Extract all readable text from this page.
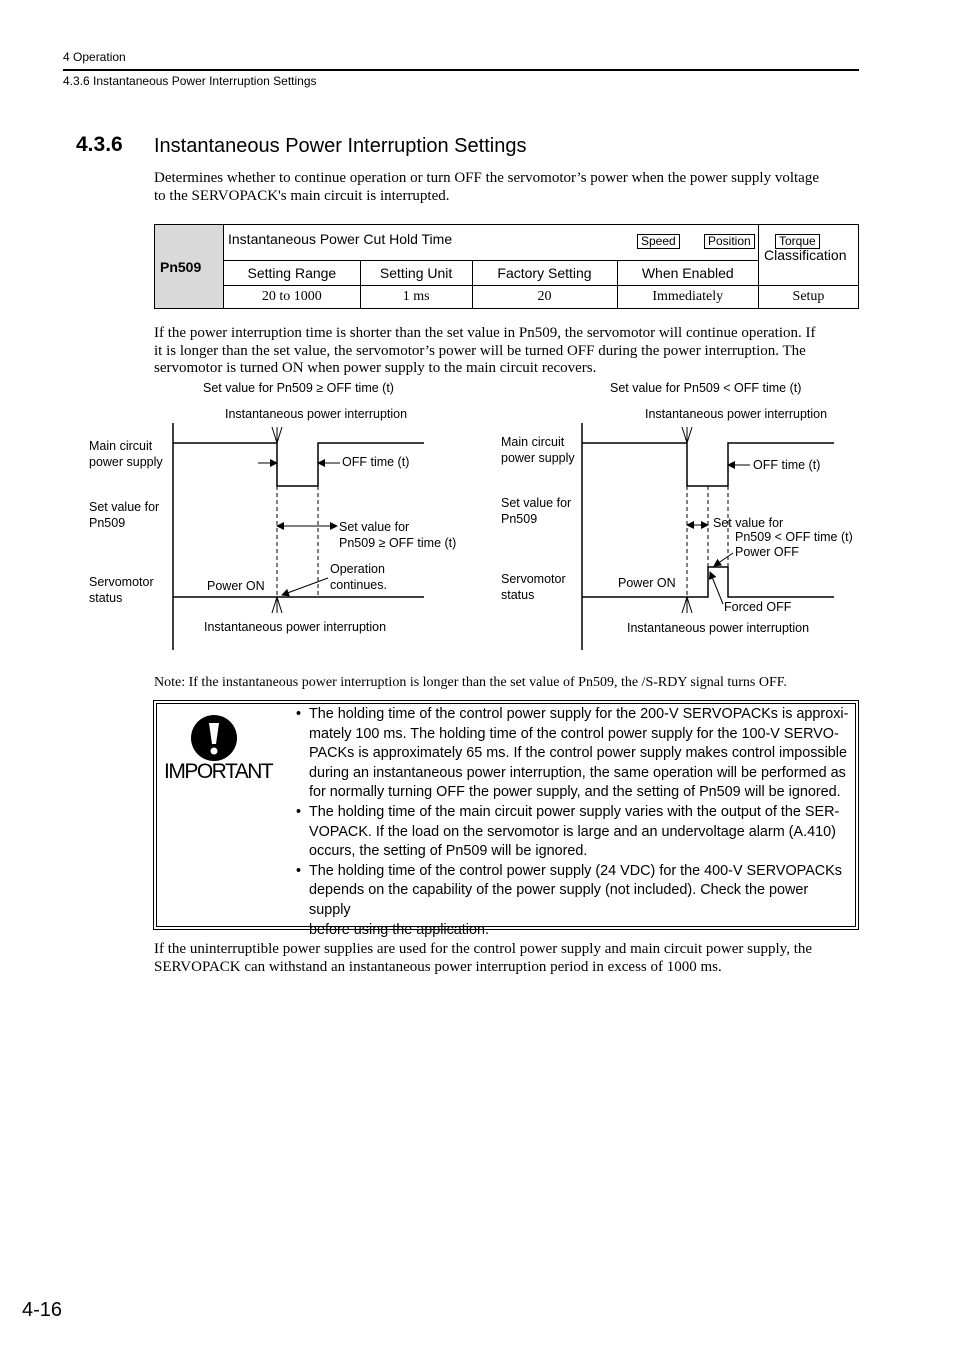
4 Operation
4.3.6 Instantaneous Power Interruption Settings
4.3.6 Instantaneous Power Interruption Settings
Determines whether to continue operation or turn OFF the servomotor’s power when the power supply voltage
to the SERVOPACK's main circuit is interrupted.
Pn509	Instantaneous Power Cut Hold Time Speed Position Torque				Classification
	Setting Range	Setting Unit	Factory Setting	When Enabled	
	20 to 1000	1 ms	20	Immediately	Setup
If the power interruption time is shorter than the set value in Pn509, the servomotor will continue operation. If
it is longer than the set value, the servomotor’s power will be turned OFF during the power interruption. The
servomotor is turned ON when power supply to the main circuit recovers.
Set value for Pn509 ≥ OFF time (t)
Instantaneous power interruption
Main circuit
power supply	OFF time (t)
Set value for
Pn509	Set value for
Pn509 ≥ OFF time (t)
Operation
continues.
Servomotor
status
Power ON
Instantaneous power interruption
Set value for Pn509 < OFF time (t)
Instantaneous power interruption
Main circuit
power supply
OFF time (t)
Set value for
Pn509	Set value for
Pn509 < OFF time (t)
Power OFF
Servomotor
status
Power ON
Forced OFF
Instantaneous power interruption
Note: If the instantaneous power interruption is longer than the set value of Pn509, the /S-RDY signal turns OFF.
IMPORTANT
• The holding time of the control power supply for the 200-V SERVOPACKs is approxi-
mately 100 ms. The holding time of the control power supply for the 100-V SERVO-
PACKs is approximately 65 ms. If the control power supply makes control impossible
during an instantaneous power interruption, the same operation will be performed as
for normally turning OFF the power supply, and the setting of Pn509 will be ignored.
• The holding time of the main circuit power supply varies with the output of the SER-
VOPACK. If the load on the servomotor is large and an undervoltage alarm (A.410)
occurs, the setting of Pn509 will be ignored.
• The holding time of the control power supply (24 VDC) for the 400-V SERVOPACKs
depends on the capability of the power supply (not included). Check the power supply
before using the application.
If the uninterruptible power supplies are used for the control power supply and main circuit power supply, the
SERVOPACK can withstand an instantaneous power interruption period in excess of 1000 ms.
4-16
